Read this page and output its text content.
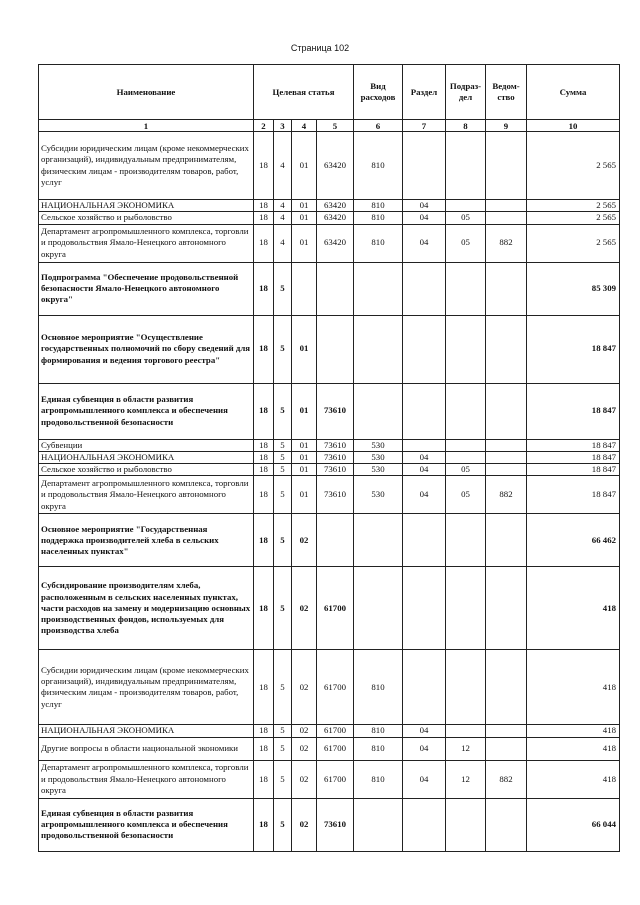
Страница 102
Наименование	Целевая статья				Вид расходов	Раздел	Подраз-дел	Ведом-ство	Сумма
1	2	3	4	5	6	7	8	9	10
Субсидии юридическим лицам (кроме некоммерческих организаций), индивидуальным предпринимателям, физическим лицам - производителям товаров, работ, услуг	18	4	01	63420	810				2 565
НАЦИОНАЛЬНАЯ ЭКОНОМИКА	18	4	01	63420	810	04			2 565
Сельское хозяйство и рыболовство	18	4	01	63420	810	04	05		2 565
Департамент агропромышленного комплекса, торговли и продовольствия Ямало-Ненецкого автономного округа	18	4	01	63420	810	04	05	882	2 565
Подпрограмма "Обеспечение продовольственной безопасности Ямало-Ненецкого автономного округа"	18	5							85 309
Основное мероприятие "Осуществление государственных полномочий по сбору сведений для формирования и ведения торгового реестра"	18	5	01						18 847
Единая субвенция в области развития агропромышленного комплекса и обеспечения продовольственной безопасности	18	5	01	73610					18 847
Субвенции	18	5	01	73610	530				18 847
НАЦИОНАЛЬНАЯ ЭКОНОМИКА	18	5	01	73610	530	04			18 847
Сельское хозяйство и рыболовство	18	5	01	73610	530	04	05		18 847
Департамент агропромышленного комплекса, торговли и продовольствия Ямало-Ненецкого автономного округа	18	5	01	73610	530	04	05	882	18 847
Основное мероприятие "Государственная поддержка производителей хлеба в сельских населенных пунктах"	18	5	02						66 462
Субсидирование производителям хлеба, расположенным в сельских населенных пунктах, части расходов на замену и модернизацию основных производственных фондов, используемых для производства хлеба	18	5	02	61700					418
Субсидии юридическим лицам (кроме некоммерческих организаций), индивидуальным предпринимателям, физическим лицам - производителям товаров, работ, услуг	18	5	02	61700	810				418
НАЦИОНАЛЬНАЯ ЭКОНОМИКА	18	5	02	61700	810	04			418
Другие вопросы в области национальной экономики	18	5	02	61700	810	04	12		418
Департамент агропромышленного комплекса, торговли и продовольствия Ямало-Ненецкого автономного округа	18	5	02	61700	810	04	12	882	418
Единая субвенция в области развития агропромышленного комплекса и обеспечения продовольственной безопасности	18	5	02	73610					66 044
